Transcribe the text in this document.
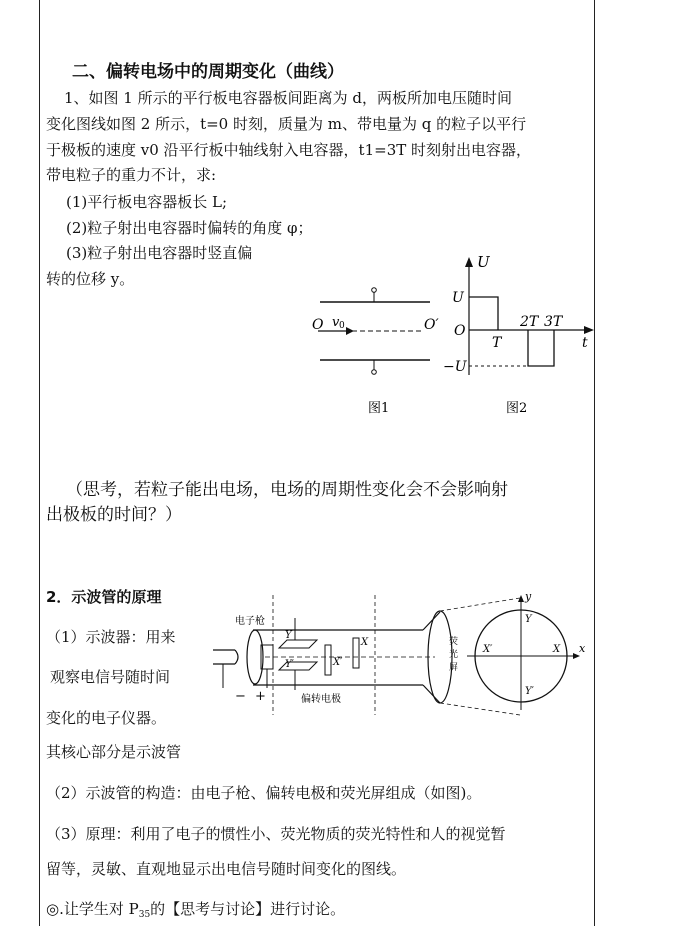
二、偏转电场中的周期变化（曲线）
1、如图 1 所示的平行板电容器板间距离为 d，两板所加电压随时间
变化图线如图 2 所示，t=0 时刻，质量为 m、带电量为 q 的粒子以平行
于极板的速度 v0 沿平行板中轴线射入电容器，t1=3T 时刻射出电容器，
带电粒子的重力不计，求:
(1)平行板电容器板长 L;
(2)粒子射出电容器时偏转的角度 φ；
(3)粒子射出电容器时竖直偏
转的位移 y。
O v 0	O′
图1
U
U
O
−U
T
2T 3T
t
图2
（思考，若粒子能出电场，电场的周期性变化会不会影响射
出极板的时间？）
2．示波管的原理
（1）示波器：用来
观察电信号随时间
变化的电子仪器。
其核心部分是示波管
（2）示波管的构造：由电子枪、偏转电极和荧光屏组成（如图)。
（3）原理：利用了电子的惯性小、荧光物质的荧光特性和人的视觉暂
留等，灵敏、直观地显示出电信号随时间变化的图线。
◎.让学生对 $P_{35}$的【思考与讨论】进行讨论。
电子枪
偏转电极
荧
光
屏
− +
Y
Y′
X
X′
Y
Y′
X
X′	x
y
